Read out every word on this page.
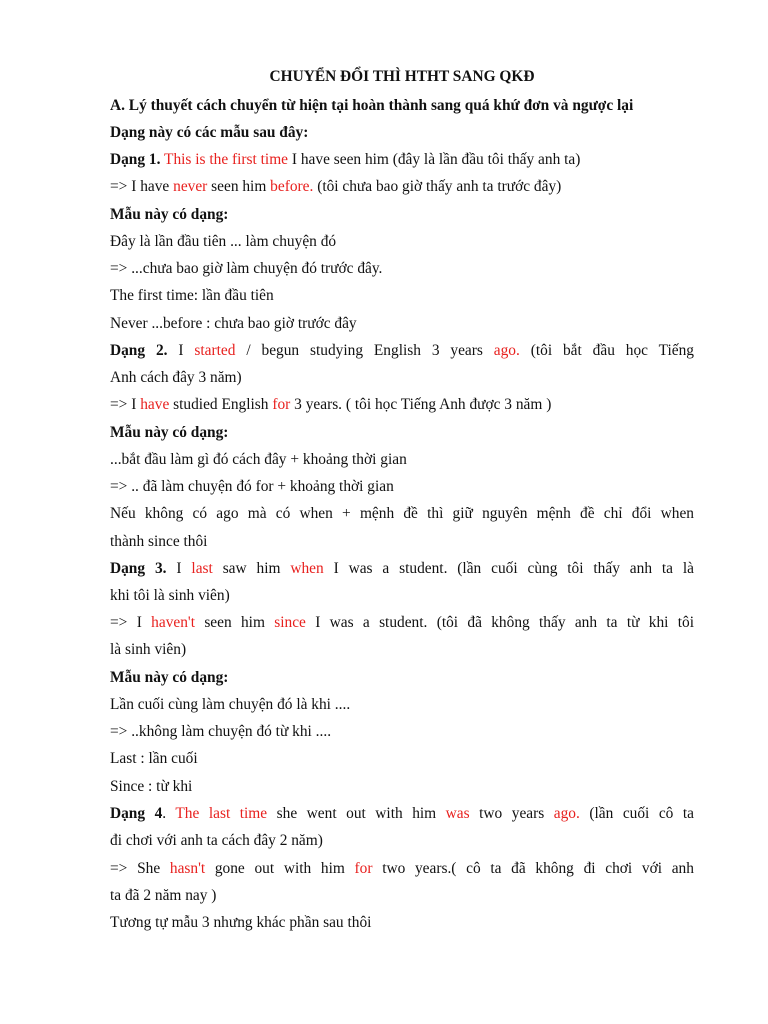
CHUYỂN ĐỔI THÌ HTHT SANG QKĐ
A. Lý thuyết cách chuyển từ hiện tại hoàn thành sang quá khứ đơn và ngược lại
Dạng này có các mẫu sau đây:
Dạng 1. This is the first time I have seen him (đây là lần đầu tôi thấy anh ta)
=> I have never seen him before. (tôi chưa bao giờ thấy anh ta trước đây)
Mẫu này có dạng:
Đây là lần đầu tiên ... làm chuyện đó
=> ...chưa bao giờ làm chuyện đó trước đây.
The first time: lần đầu tiên
Never ...before : chưa bao giờ trước đây
Dạng 2. I started / begun studying English 3 years ago. (tôi bắt đầu học Tiếng
Anh cách đây 3 năm)
=> I have studied English for 3 years. ( tôi học Tiếng Anh được 3 năm )
Mẫu này có dạng:
...bắt đầu làm gì đó cách đây + khoảng thời gian
=> .. đã làm chuyện đó for + khoảng thời gian
Nếu không có ago mà có when + mệnh đề thì giữ nguyên mệnh đề chỉ đổi when
thành since thôi
Dạng 3. I last saw him when I was a student. (lần cuối cùng tôi thấy anh ta là
khi tôi là sinh viên)
=> I haven't seen him since I was a student. (tôi đã không thấy anh ta từ khi tôi
là sinh viên)
Mẫu này có dạng:
Lần cuối cùng làm chuyện đó là khi ....
=> ..không làm chuyện đó từ khi ....
Last : lần cuối
Since : từ khi
Dạng 4. The last time she went out with him was two years ago. (lần cuối cô ta
đi chơi với anh ta cách đây 2 năm)
=> She hasn't gone out with him for two years.( cô ta đã không đi chơi với anh
ta đã 2 năm nay )
Tương tự mẫu 3 nhưng khác phần sau thôi
